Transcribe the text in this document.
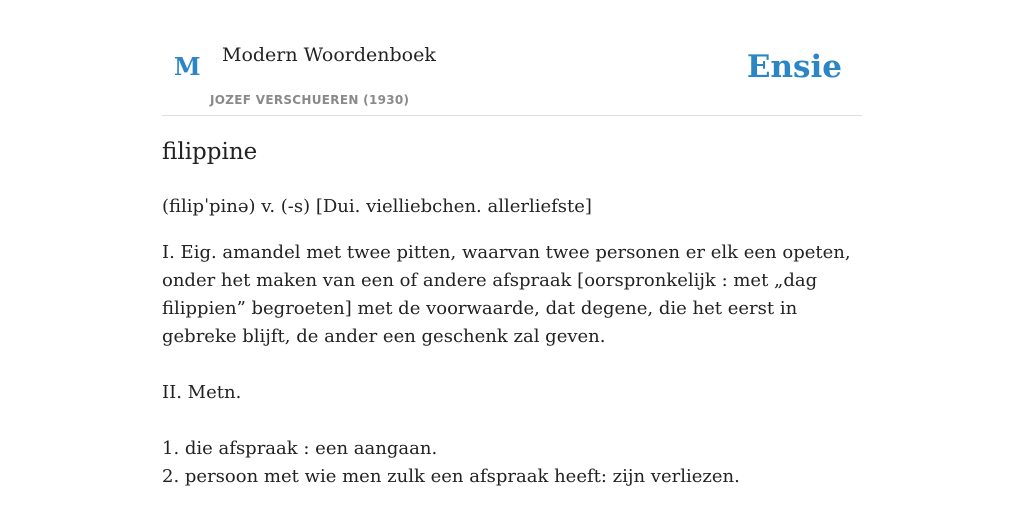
M Modern Woordenboek
JOZEF VERSCHUEREN (1930)
Ensie
filippine
(filipˈpinə) v. (-s) [Dui. vielliebchen. allerliefste]

I. Eig. amandel met twee pitten, waarvan twee personen er elk een opeten, onder het maken van een of andere afspraak [oorspronkelijk : met „dag filippien” begroeten] met de voorwaarde, dat degene, die het eerst in gebreke blijft, de ander een geschenk zal geven.

II. Metn.

1. die afspraak : een aangaan.

2. persoon met wie men zulk een afspraak heeft: zijn verliezen.
